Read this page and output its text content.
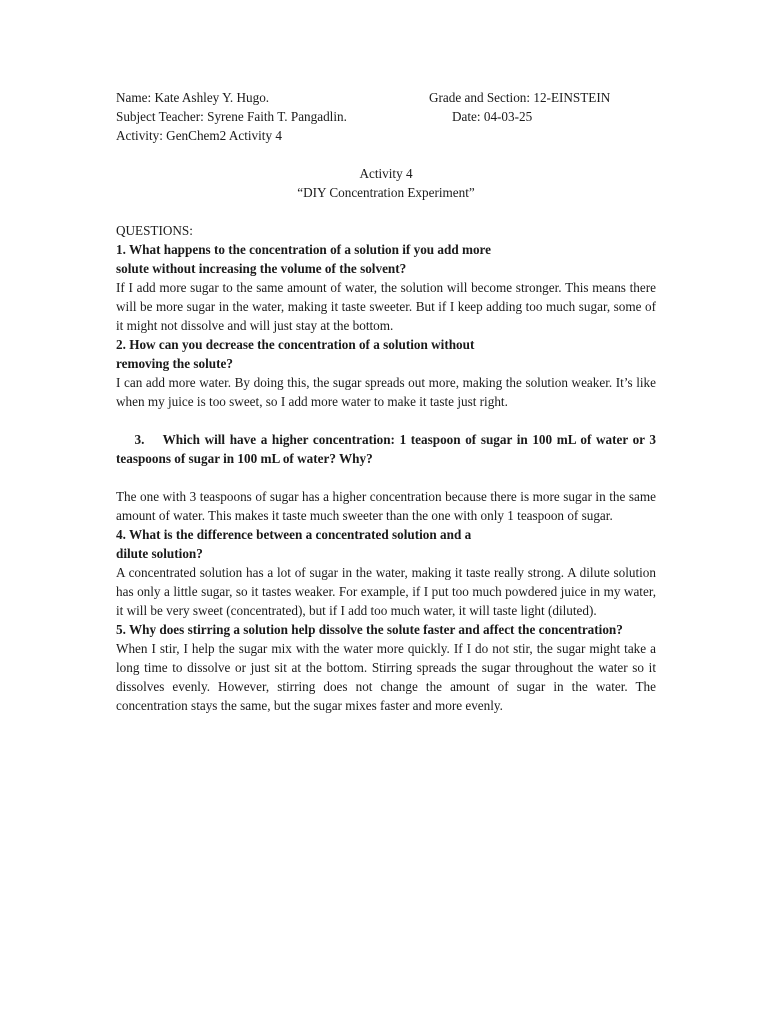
Name: Kate Ashley Y. Hugo.	Grade and Section: 12-EINSTEIN
Subject Teacher: Syrene Faith T. Pangadlin.	Date: 04-03-25
Activity: GenChem2 Activity 4
Activity 4
“DIY Concentration Experiment”
QUESTIONS:
1. What happens to the concentration of a solution if you add more
solute without increasing the volume of the solvent?
If I add more sugar to the same amount of water, the solution will become stronger. This means there will be more sugar in the water, making it taste sweeter. But if I keep adding too much sugar, some of it might not dissolve and will just stay at the bottom.
2. How can you decrease the concentration of a solution without
removing the solute?
I can add more water. By doing this, the sugar spreads out more, making the solution weaker. It’s like when my juice is too sweet, so I add more water to make it taste just right.

3.    Which will have a higher concentration: 1 teaspoon of sugar in 100 mL of water or 3 teaspoons of sugar in 100 mL of water? Why?

The one with 3 teaspoons of sugar has a higher concentration because there is more sugar in the same amount of water. This makes it taste much sweeter than the one with only 1 teaspoon of sugar.
4. What is the difference between a concentrated solution and a
dilute solution?
A concentrated solution has a lot of sugar in the water, making it taste really strong. A dilute solution has only a little sugar, so it tastes weaker. For example, if I put too much powdered juice in my water, it will be very sweet (concentrated), but if I add too much water, it will taste light (diluted).
5. Why does stirring a solution help dissolve the solute faster and affect the concentration?
When I stir, I help the sugar mix with the water more quickly. If I do not stir, the sugar might take a long time to dissolve or just sit at the bottom. Stirring spreads the sugar throughout the water so it dissolves evenly. However, stirring does not change the amount of sugar in the water. The concentration stays the same, but the sugar mixes faster and more evenly.
